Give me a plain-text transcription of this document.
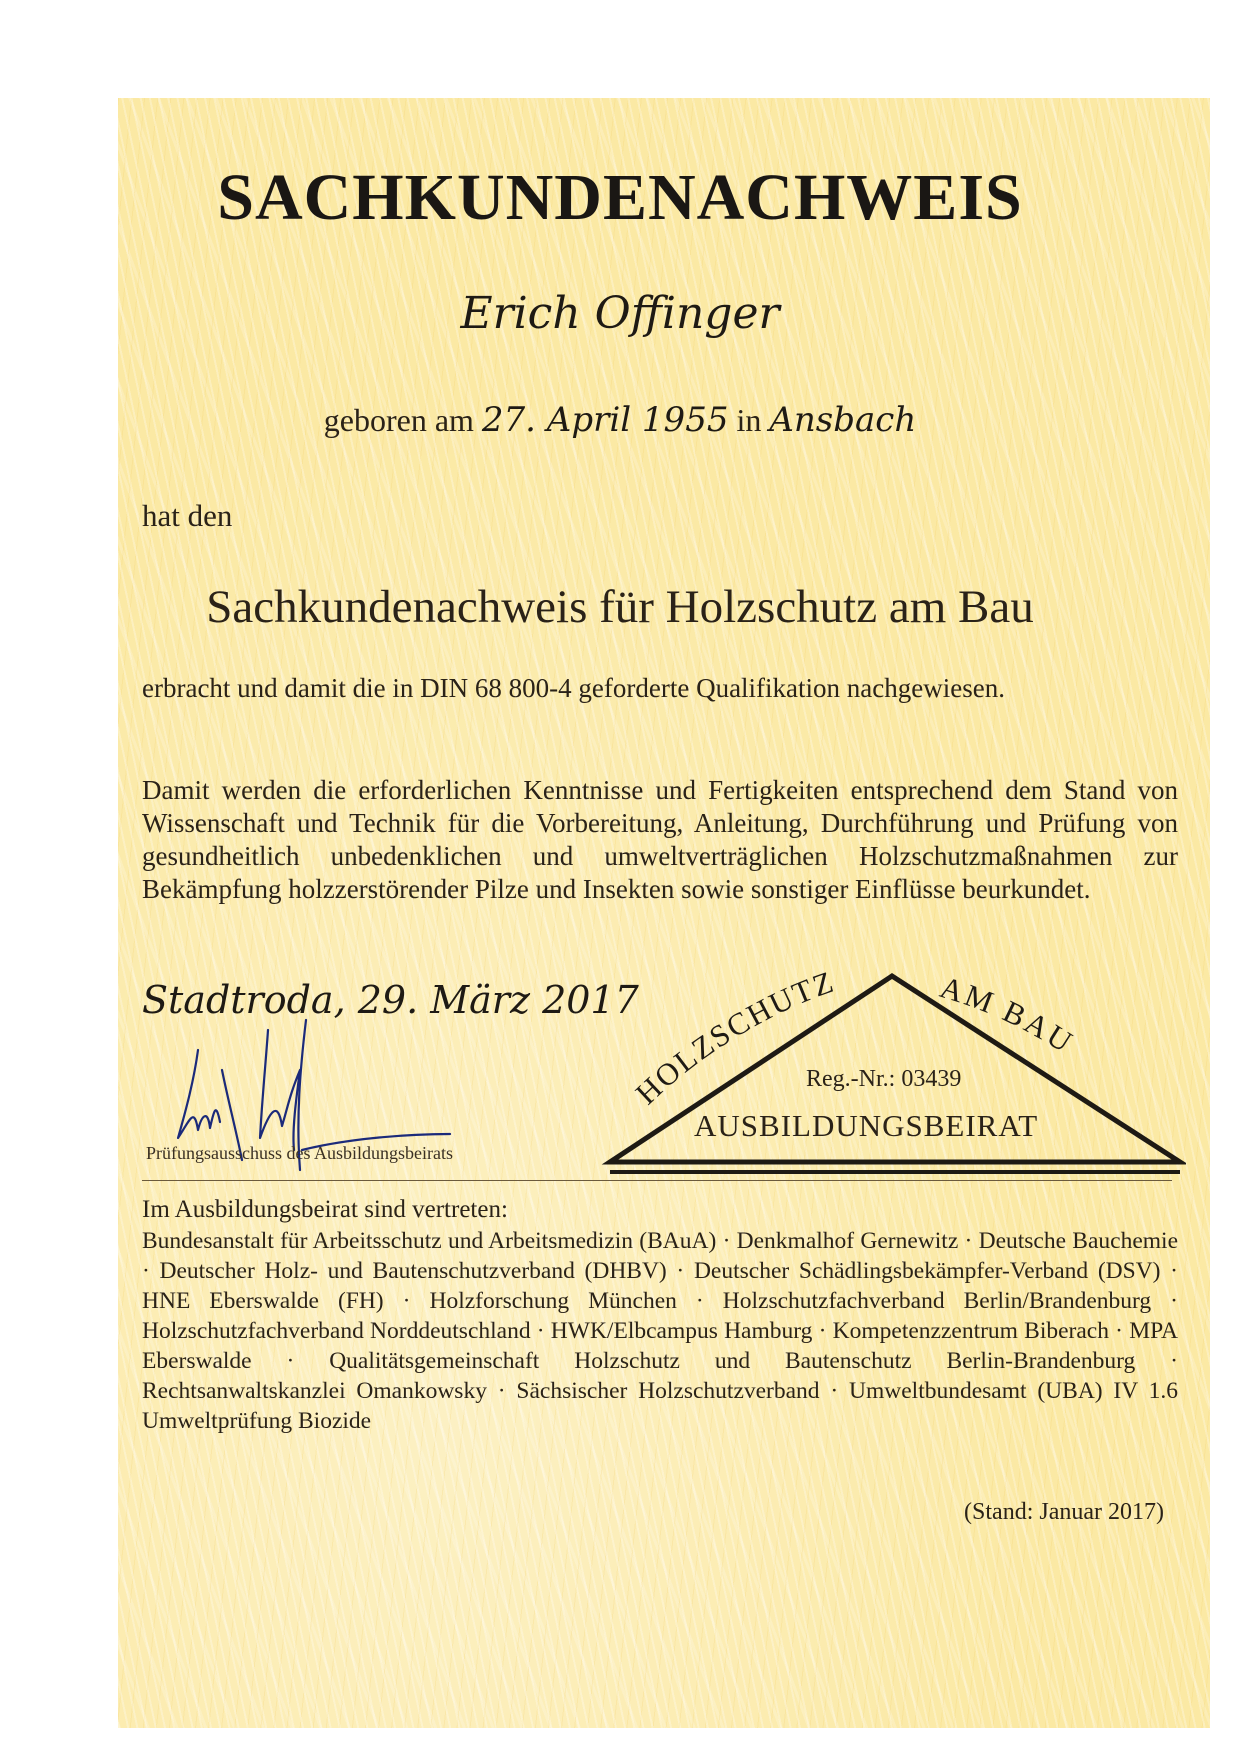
SACHKUNDENACHWEIS
Erich Offinger
geboren am 27. April 1955 in Ansbach
hat den
Sachkundenachweis für Holzschutz am Bau
erbracht und damit die in DIN 68 800-4 geforderte Qualifikation nachgewiesen.
Damit werden die erforderlichen Kenntnisse und Fertigkeiten entsprechend dem Stand von Wissenschaft und Technik für die Vorbereitung, Anleitung, Durchführung und Prüfung von gesundheitlich unbedenklichen und umweltverträglichen Holzschutzmaßnahmen zur Bekämpfung holzzerstörender Pilze und Insekten sowie sonstiger Einflüsse beurkundet.
Stadtroda, 29. März 2017
Prüfungsausschuss des Ausbildungsbeirats
HOLZSCHUTZ	AM BAU
Reg.-Nr.: 03439
AUSBILDUNGSBEIRAT
Im Ausbildungsbeirat sind vertreten:
Bundesanstalt für Arbeitsschutz und Arbeitsmedizin (BAuA) · Denkmalhof Gernewitz · Deutsche Bauchemie · Deutscher Holz- und Bautenschutzverband (DHBV) · Deutscher Schädlingsbekämpfer-Verband (DSV) · HNE Eberswalde (FH) · Holzforschung München · Holzschutzfachverband Berlin/Brandenburg · Holzschutzfachverband Norddeutschland · HWK/Elbcampus Hamburg · Kompetenzzentrum Biberach · MPA Eberswalde · Qualitätsgemeinschaft Holzschutz und Bautenschutz Berlin-Brandenburg · Rechtsanwaltskanzlei Omankowsky · Sächsischer Holzschutzverband · Umweltbundesamt (UBA) IV 1.6 Umweltprüfung Biozide
(Stand: Januar 2017)
